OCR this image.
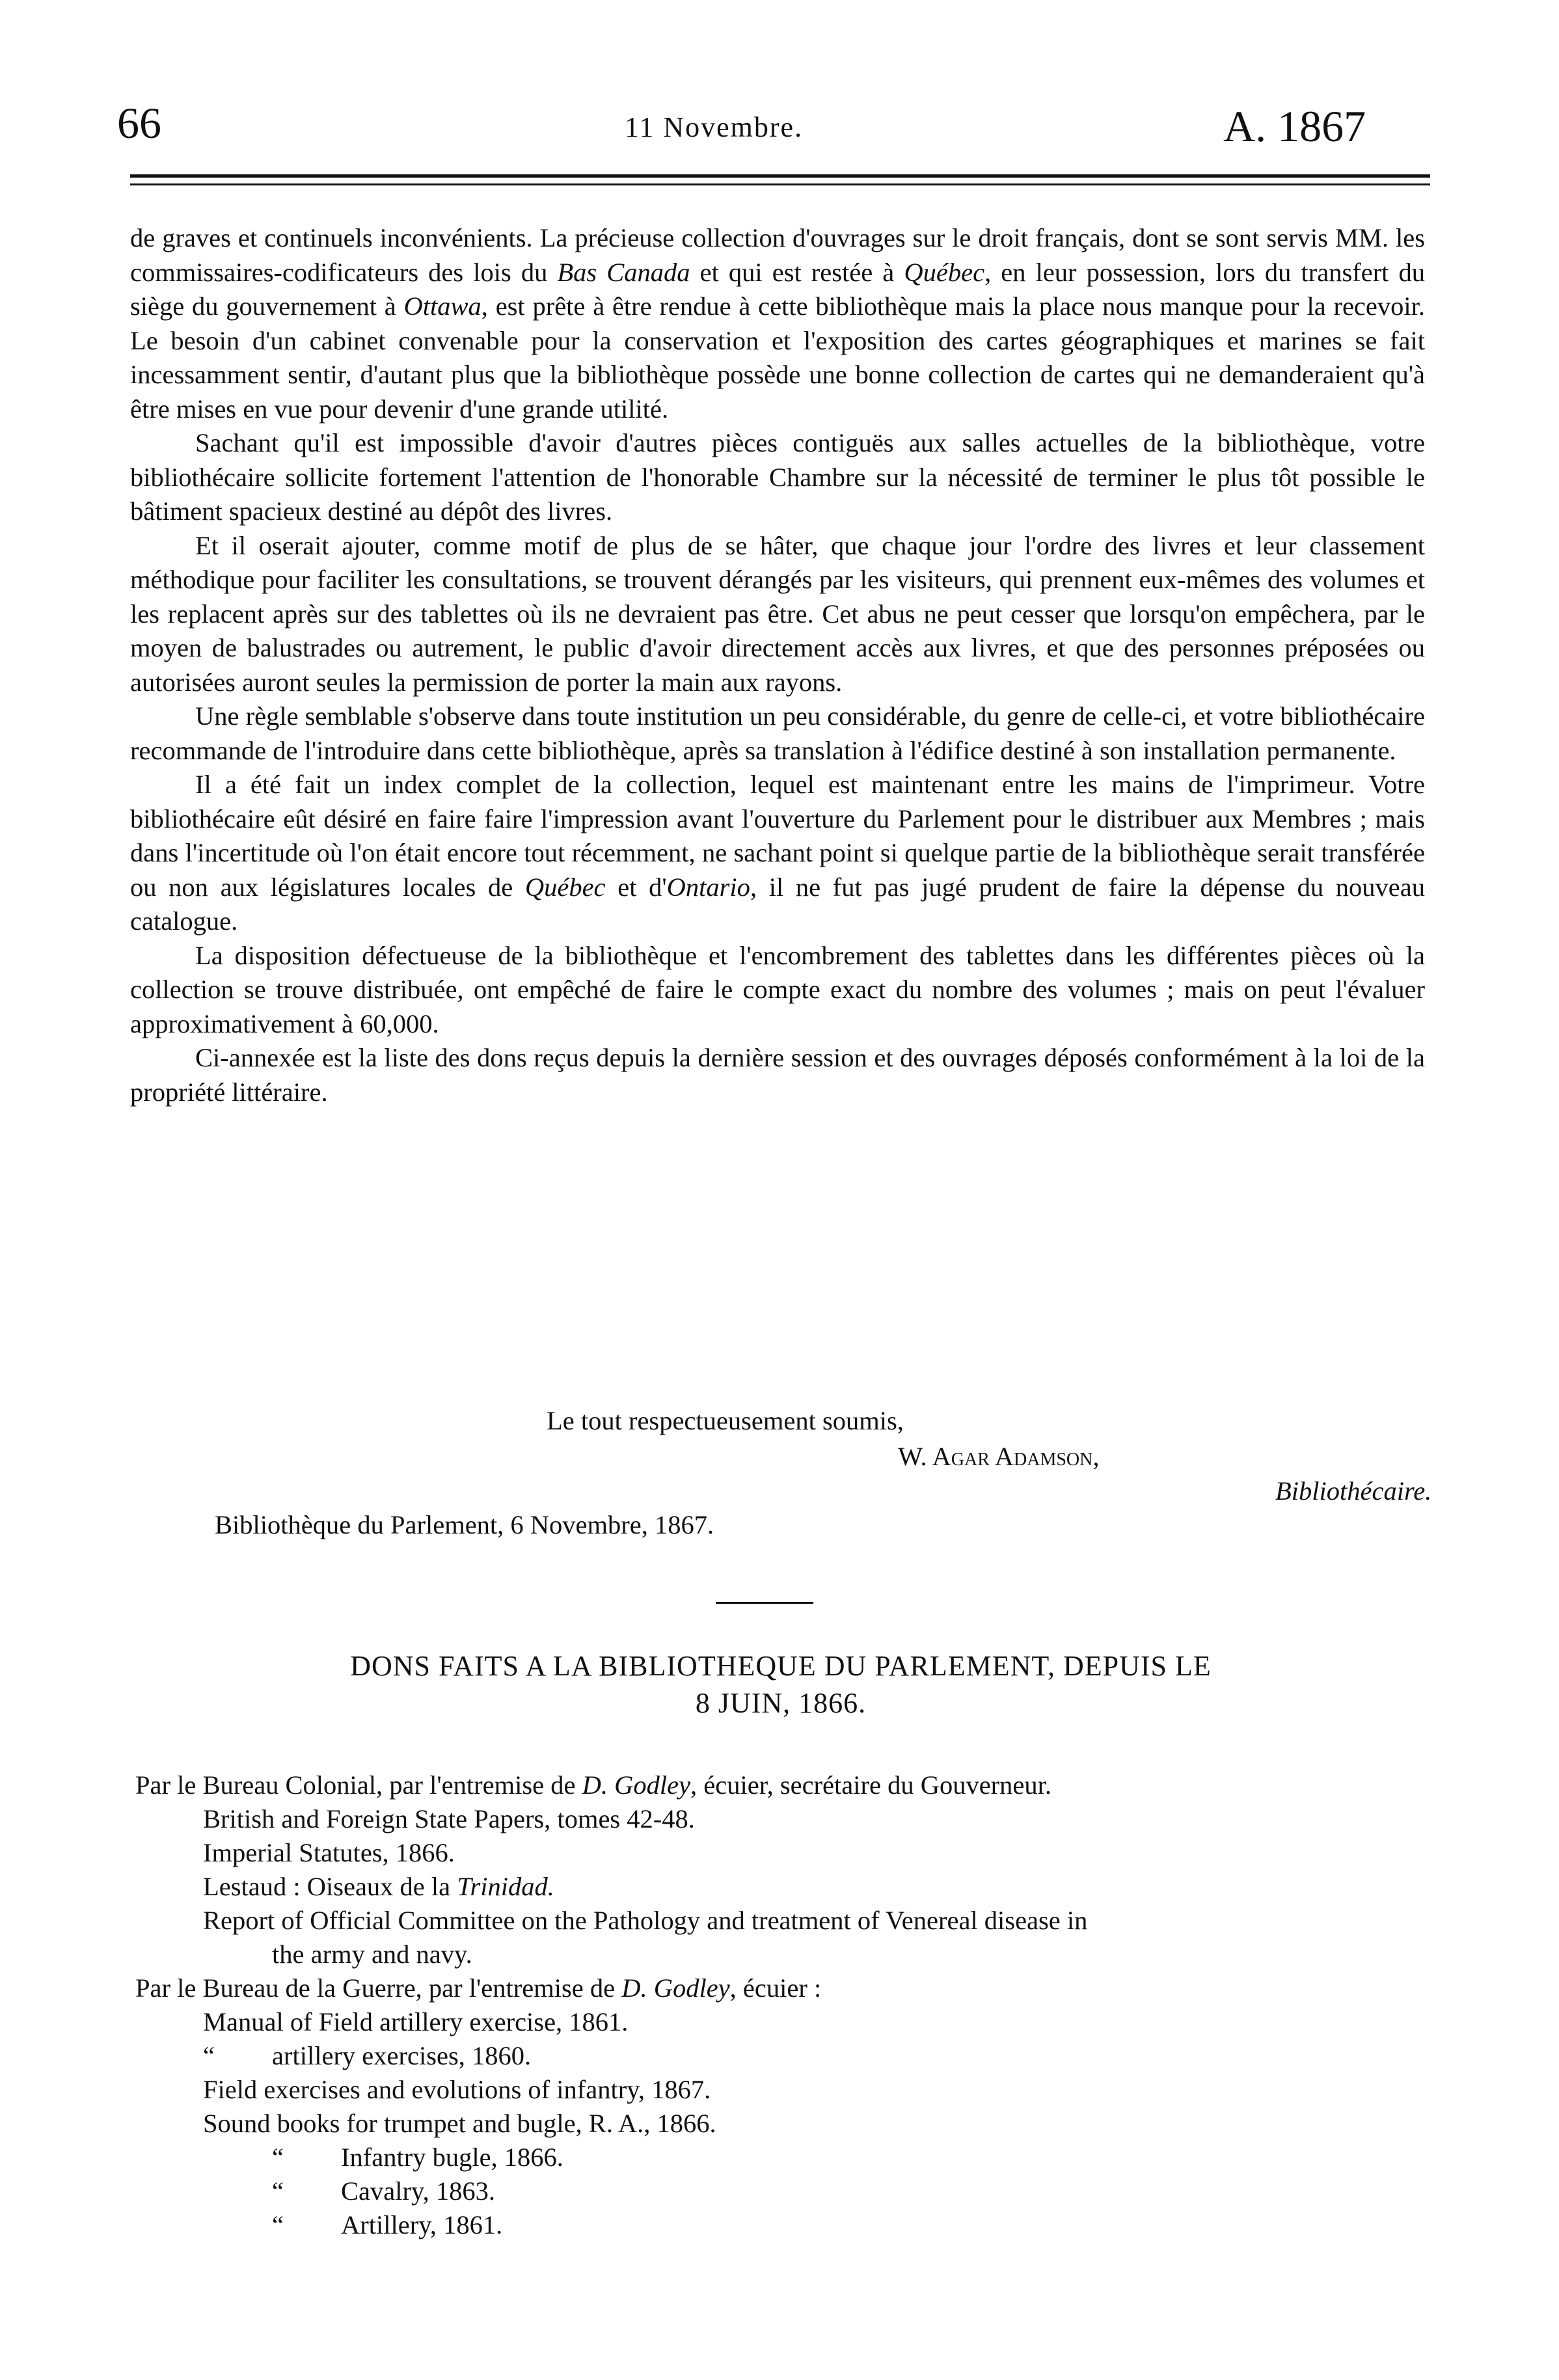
66	11 Novembre.	A. 1867

de graves et continuels inconvénients. La précieuse collection d'ouvrages sur le droit français, dont se sont servis MM. les commissaires-codificateurs des lois du Bas Canada et qui est restée à Québec, en leur possession, lors du transfert du siège du gouvernement à Ottawa, est prête à être rendue à cette bibliothèque mais la place nous manque pour la recevoir. Le besoin d'un cabinet convenable pour la conservation et l'exposition des cartes géographiques et marines se fait incessamment sentir, d'autant plus que la bibliothèque possède une bonne collection de cartes qui ne demanderaient qu'à être mises en vue pour devenir d'une grande utilité.

Sachant qu'il est impossible d'avoir d'autres pièces contiguës aux salles actuelles de la bibliothèque, votre bibliothécaire sollicite fortement l'attention de l'honorable Chambre sur la nécessité de terminer le plus tôt possible le bâtiment spacieux destiné au dépôt des livres.

Et il oserait ajouter, comme motif de plus de se hâter, que chaque jour l'ordre des livres et leur classement méthodique pour faciliter les consultations, se trouvent dérangés par les visiteurs, qui prennent eux-mêmes des volumes et les replacent après sur des tablettes où ils ne devraient pas être. Cet abus ne peut cesser que lorsqu'on empêchera, par le moyen de balustrades ou autrement, le public d'avoir directement accès aux livres, et que des personnes préposées ou autorisées auront seules la permission de porter la main aux rayons.

Une règle semblable s'observe dans toute institution un peu considérable, du genre de celle-ci, et votre bibliothécaire recommande de l'introduire dans cette bibliothèque, après sa translation à l'édifice destiné à son installation permanente.

Il a été fait un index complet de la collection, lequel est maintenant entre les mains de l'imprimeur. Votre bibliothécaire eût désiré en faire faire l'impression avant l'ouverture du Parlement pour le distribuer aux Membres ; mais dans l'incertitude où l'on était encore tout récemment, ne sachant point si quelque partie de la bibliothèque serait transférée ou non aux législatures locales de Québec et d'Ontario, il ne fut pas jugé prudent de faire la dépense du nouveau catalogue.

La disposition défectueuse de la bibliothèque et l'encombrement des tablettes dans les différentes pièces où la collection se trouve distribuée, ont empêché de faire le compte exact du nombre des volumes ; mais on peut l'évaluer approximativement à 60,000.

Ci-annexée est la liste des dons reçus depuis la dernière session et des ouvrages déposés conformément à la loi de la propriété littéraire.

Le tout respectueusement soumis,
W. Agar Adamson,
Bibliothécaire.
Bibliothèque du Parlement, 6 Novembre, 1867.
DONS FAITS A LA BIBLIOTHEQUE DU PARLEMENT, DEPUIS LE
8 JUIN, 1866.
Par le Bureau Colonial, par l'entremise de D. Godley, écuier, secrétaire du Gouverneur.
British and Foreign State Papers, tomes 42-48.
Imperial Statutes, 1866.
Lestaud : Oiseaux de la Trinidad.
Report of Official Committee on the Pathology and treatment of Venereal disease in
the army and navy.
Par le Bureau de la Guerre, par l'entremise de D. Godley, écuier :
Manual of Field artillery exercise, 1861.
“ artillery exercises, 1860.
Field exercises and evolutions of infantry, 1867.
Sound books for trumpet and bugle, R. A., 1866.
“ Infantry bugle, 1866.
“ Cavalry, 1863.
“ Artillery, 1861.
